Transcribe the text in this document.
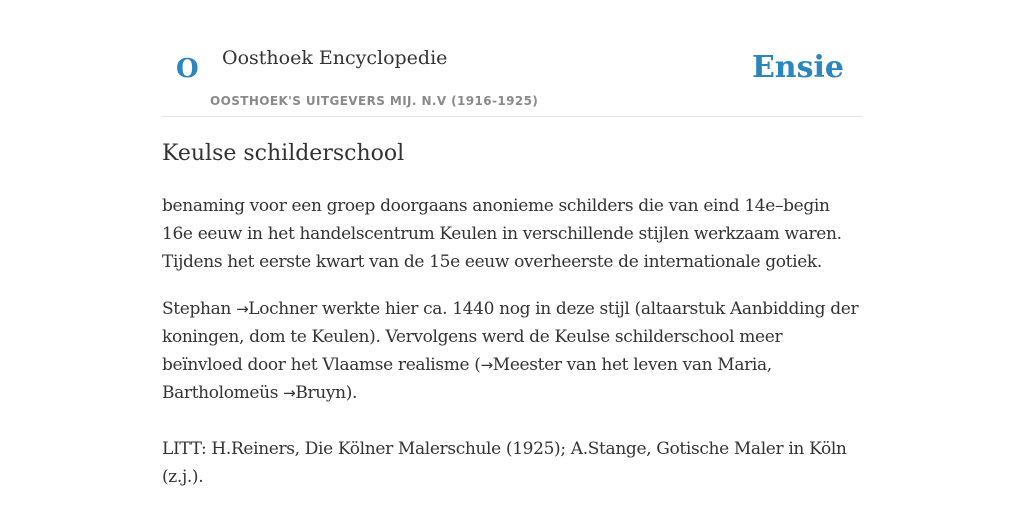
O Oosthoek Encyclopedie
OOSTHOEK'S UITGEVERS MIJ. N.V (1916-1925)
Ensie
Keulse schilderschool

benaming voor een groep doorgaans anonieme schilders die van eind 14e–begin 16e eeuw in het handelscentrum Keulen in verschillende stijlen werkzaam waren. Tijdens het eerste kwart van de 15e eeuw overheerste de internationale gotiek.

Stephan →Lochner werkte hier ca. 1440 nog in deze stijl (altaarstuk Aanbidding der koningen, dom te Keulen). Vervolgens werd de Keulse schilderschool meer beïnvloed door het Vlaamse realisme (→Meester van het leven van Maria, Bartholomeüs →Bruyn).

LITT: H.Reiners, Die Kölner Malerschule (1925); A.Stange, Gotische Maler in Köln (z.j.).
